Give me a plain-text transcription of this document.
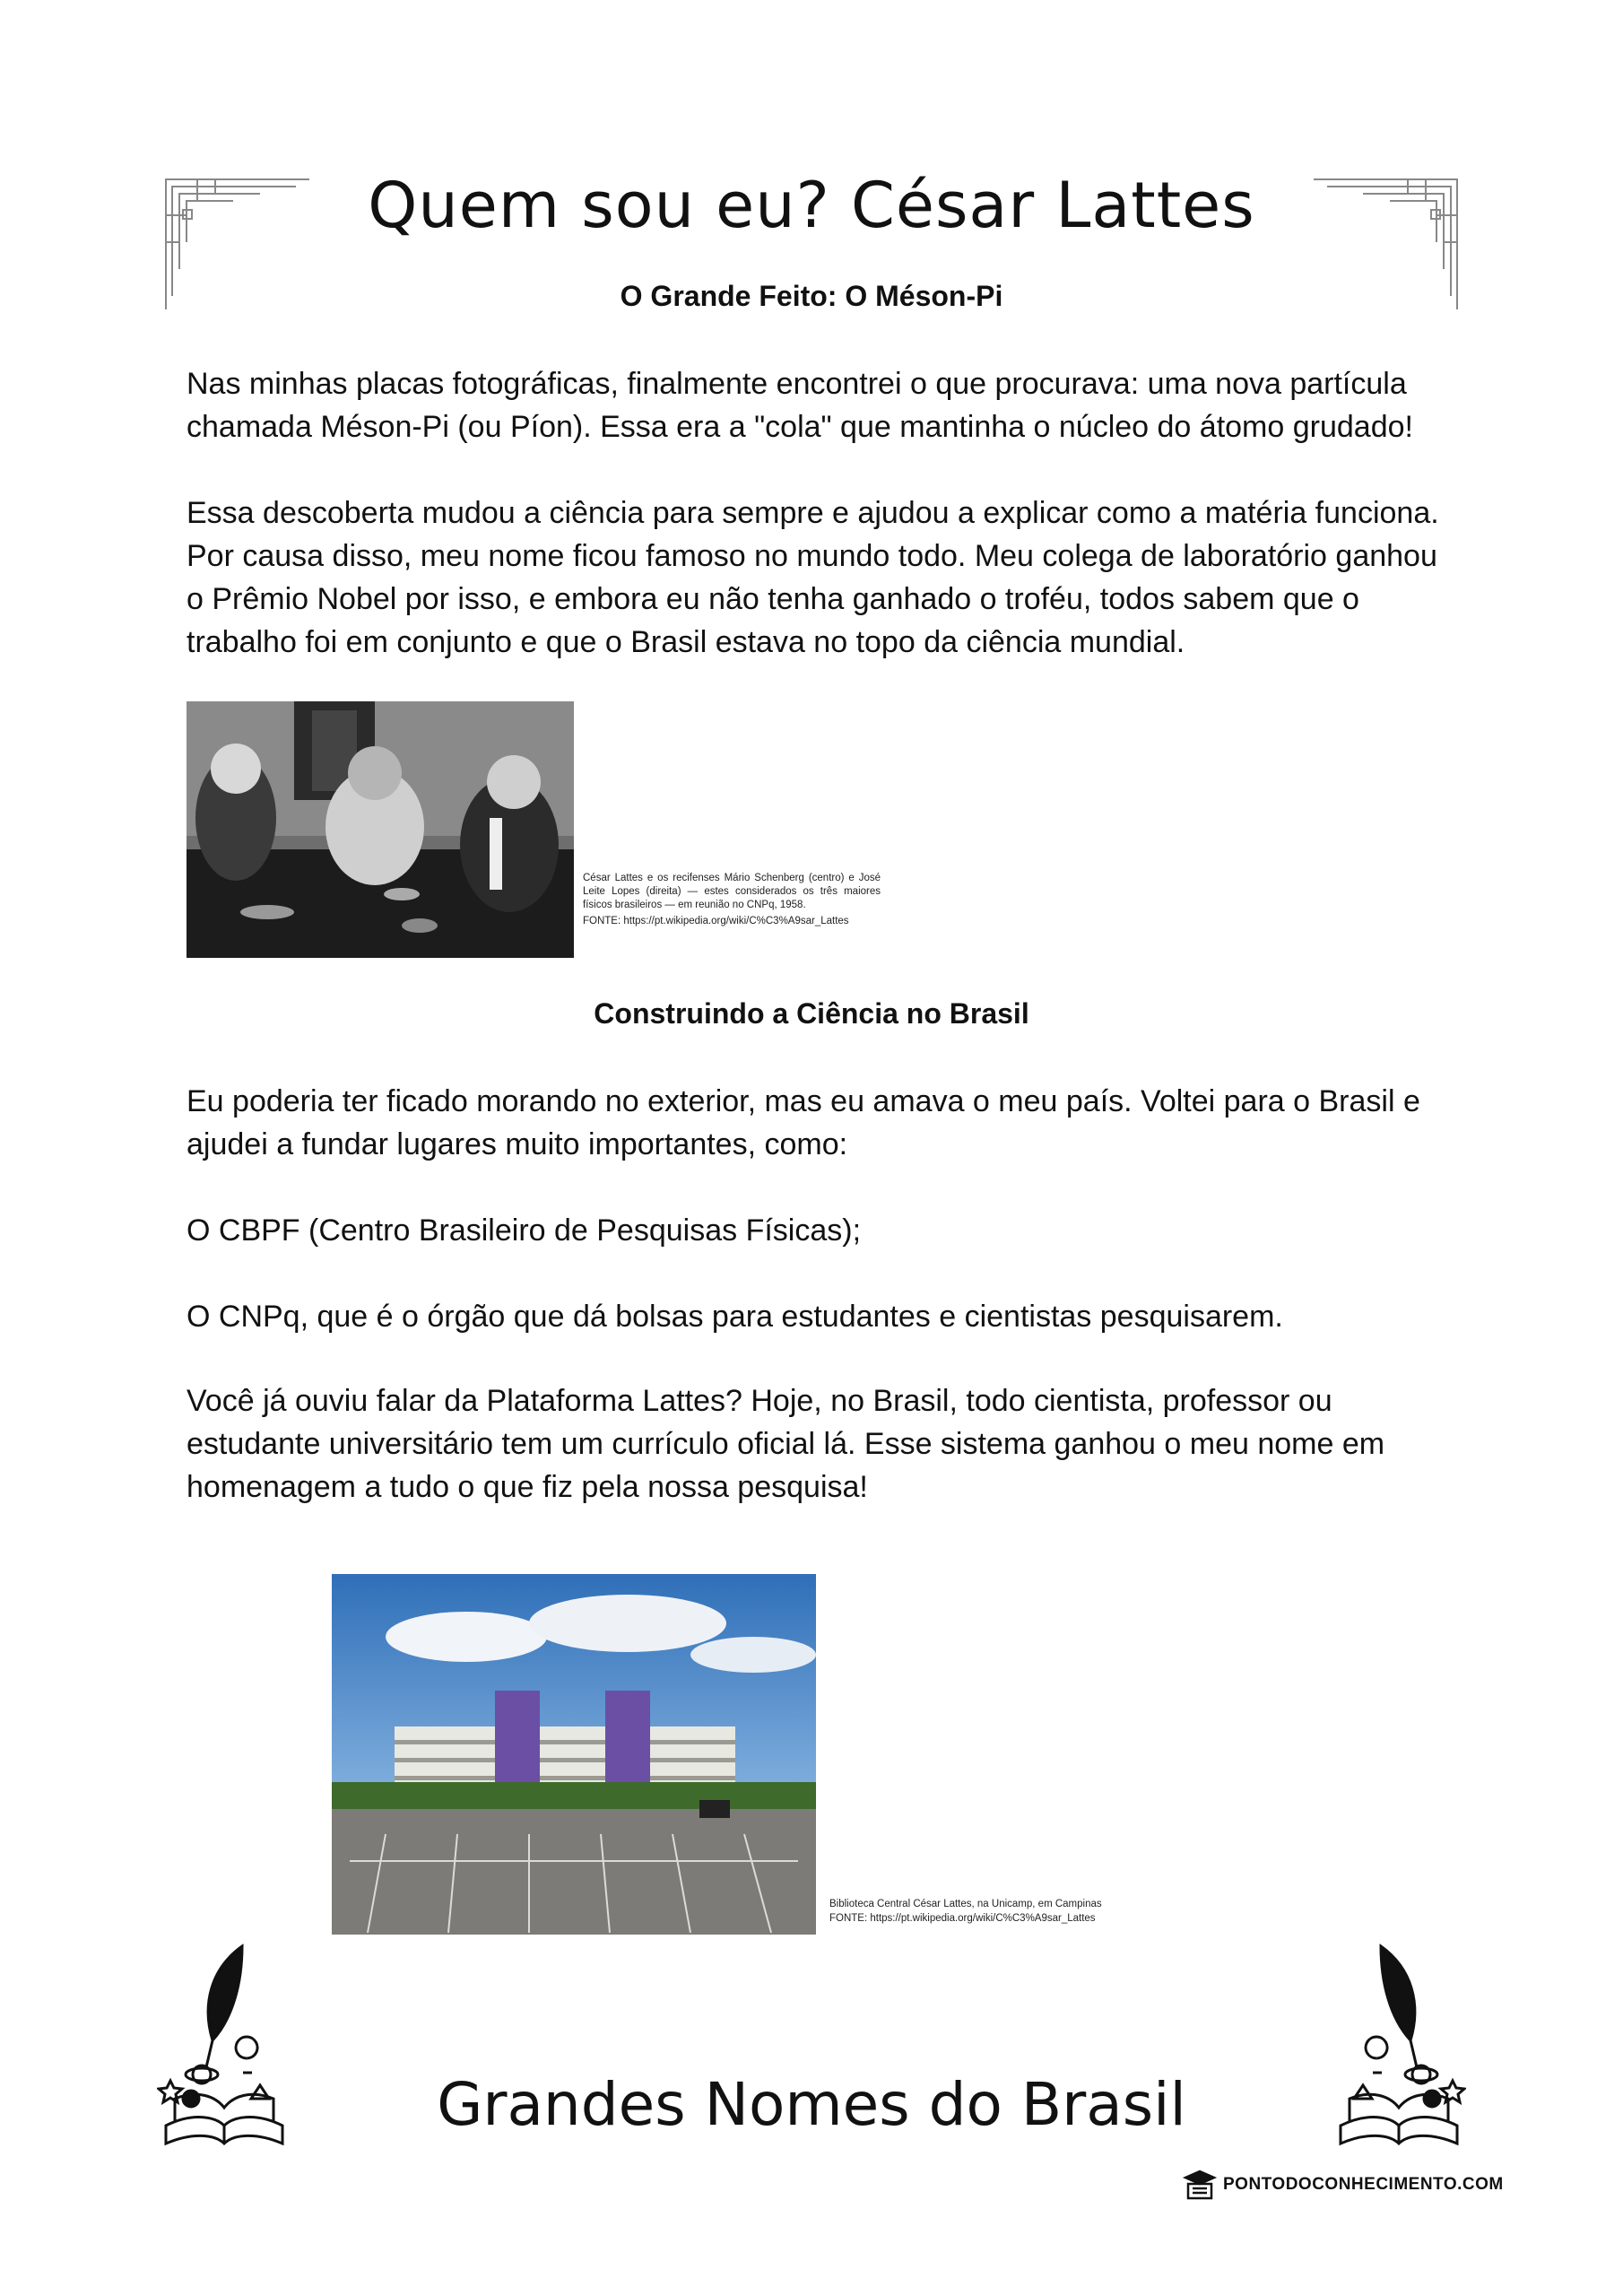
Quem sou eu? César Lattes
O Grande Feito: O Méson-Pi

Nas minhas placas fotográficas, finalmente encontrei o que procurava: uma nova partícula chamada Méson-Pi (ou Píon). Essa era a "cola" que mantinha o núcleo do átomo grudado!

Essa descoberta mudou a ciência para sempre e ajudou a explicar como a matéria funciona. Por causa disso, meu nome ficou famoso no mundo todo. Meu colega de laboratório ganhou o Prêmio Nobel por isso, e embora eu não tenha ganhado o troféu, todos sabem que o trabalho foi em conjunto e que o Brasil estava no topo da ciência mundial.

César Lattes e os recifenses Mário Schenberg (centro) e José Leite Lopes (direita) — estes considerados os três maiores físicos brasileiros — em reunião no CNPq, 1958.
FONTE: https://pt.wikipedia.org/wiki/C%C3%A9sar_Lattes
Construindo a Ciência no Brasil

Eu poderia ter ficado morando no exterior, mas eu amava o meu país. Voltei para o Brasil e ajudei a fundar lugares muito importantes, como:

O CBPF (Centro Brasileiro de Pesquisas Físicas);

O CNPq, que é o órgão que dá bolsas para estudantes e cientistas pesquisarem.

Você já ouviu falar da Plataforma Lattes? Hoje, no Brasil, todo cientista, professor ou estudante universitário tem um currículo oficial lá. Esse sistema ganhou o meu nome em homenagem a tudo o que fiz pela nossa pesquisa!

Biblioteca Central César Lattes, na Unicamp, em Campinas
FONTE: https://pt.wikipedia.org/wiki/C%C3%A9sar_Lattes
Grandes Nomes do Brasil
PONTODOCONHECIMENTO.COM
